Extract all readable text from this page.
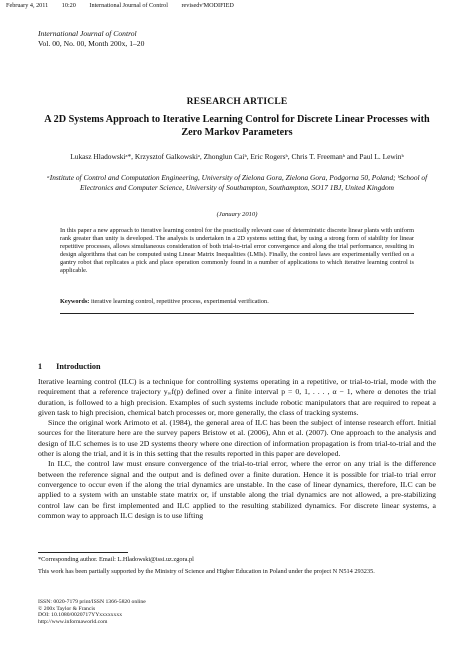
February 4, 2011 10:20 International Journal of Control revisedv'MODIFIED
International Journal of Control
Vol. 00, No. 00, Month 200x, 1–20
RESEARCH ARTICLE
A 2D Systems Approach to Iterative Learning Control for Discrete Linear Processes with Zero Markov Parameters
Lukasz Hladowskiᵃ*, Krzysztof Galkowskiᵃ, Zhonglun Caiᵇ, Eric Rogersᵇ, Chris T. Freemanᵇ and Paul L. Lewinᵇ
ᵃInstitute of Control and Computation Engineering, University of Zielona Gora, Zielona Gora, Podgorna 50, Poland; ᵇSchool of Electronics and Computer Science, University of Southampton, Southampton, SO17 1BJ, United Kingdom
(January 2010)
In this paper a new approach to iterative learning control for the practically relevant case of deterministic discrete linear plants with uniform rank greater than unity is developed. The analysis is undertaken in a 2D systems setting that, by using a strong form of stability for linear repetitive processes, allows simultaneous consideration of both trial-to-trial error convergence and along the trial performance, resulting in design algorithms that can be computed using Linear Matrix Inequalities (LMIs). Finally, the control laws are experimentally verified on a gantry robot that replicates a pick and place operation commonly found in a number of applications to which iterative learning control is applicable.
Keywords: iterative learning control, repetitive process, experimental verification.
1 Introduction

Iterative learning control (ILC) is a technique for controlling systems operating in a repetitive, or trial-to-trial, mode with the requirement that a reference trajectory yᵣₑf(p) defined over a finite interval p = 0, 1, . . . , α − 1, where α denotes the trial duration, is followed to a high precision. Examples of such systems include robotic manipulators that are required to repeat a given task to high precision, chemical batch processes or, more generally, the class of tracking systems.

Since the original work Arimoto et al. (1984), the general area of ILC has been the subject of intense research effort. Initial sources for the literature here are the survey papers Bristow et al. (2006), Ahn et al. (2007). One approach to the analysis and design of ILC schemes is to use 2D systems theory where one direction of information propagation is from trial-to-trial and the other is along the trial, and it is in this setting that the results reported in this paper are developed.

In ILC, the control law must ensure convergence of the trial-to-trial error, where the error on any trial is the difference between the reference signal and the output and is defined over a finite duration. Hence it is possible for trial-to trial error convergence to occur even if the along the trial dynamics are unstable. In the case of linear dynamics, therefore, ILC can be applied to a system with an unstable state matrix or, if unstable along the trial dynamics are not allowed, a pre-stabilizing control law can be first implemented and ILC applied to the resulting stabilized dynamics. For discrete linear systems, a common way to approach ILC design is to use lifting

*Corresponding author. Email: L.Hladowski@issi.uz.zgora.pl

This work has been partially supported by the Ministry of Science and Higher Education in Poland under the project N N514 293235.

ISSN: 0020-7179 print/ISSN 1366-5820 online
© 200x Taylor & Francis
DOI: 10.1080/0020717YYxxxxxxxx
http://www.informaworld.com
